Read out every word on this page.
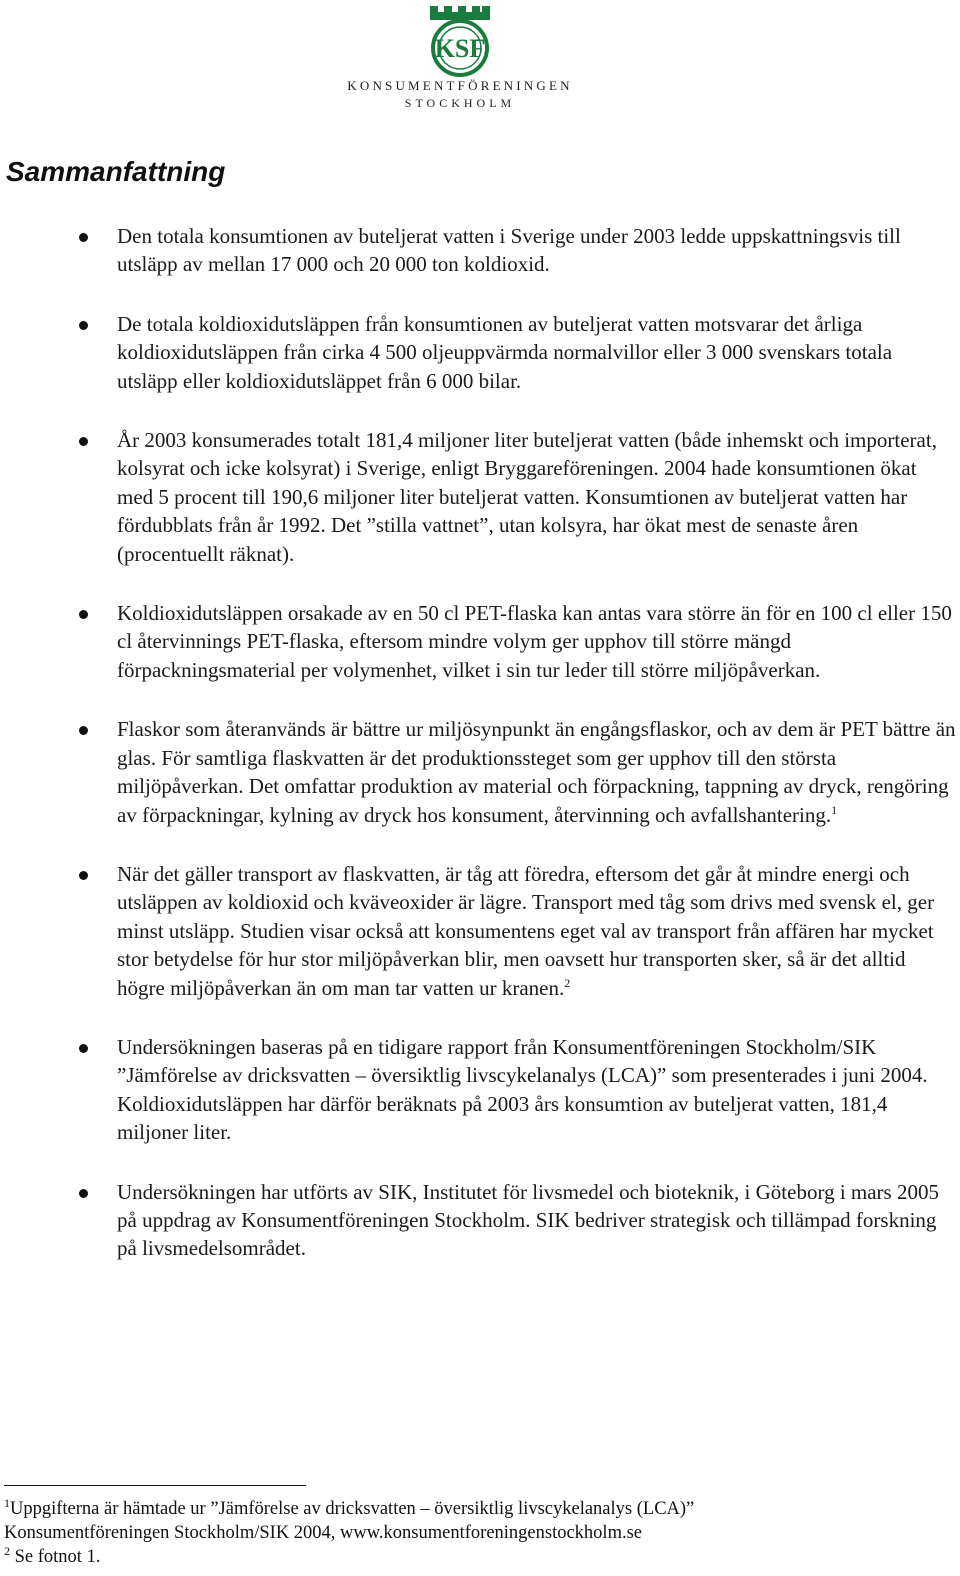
KSF
KONSUMENTFÖRENINGEN
STOCKHOLM
Sammanfattning
Den totala konsumtionen av buteljerat vatten i Sverige under 2003 ledde uppskattningsvis till utsläpp av mellan 17 000 och 20 000 ton koldioxid.
De totala koldioxidutsläppen från konsumtionen av buteljerat vatten motsvarar det årliga koldioxidutsläppen från cirka 4 500 oljeuppvärmda normalvillor eller 3 000 svenskars totala utsläpp eller koldioxidutsläppet från 6 000 bilar.
År 2003 konsumerades totalt 181,4 miljoner liter buteljerat vatten (både inhemskt och importerat, kolsyrat och icke kolsyrat) i Sverige, enligt Bryggareföreningen. 2004 hade konsumtionen ökat med 5 procent till 190,6 miljoner liter buteljerat vatten. Konsumtionen av buteljerat vatten har fördubblats från år 1992. Det ”stilla vattnet”, utan kolsyra, har ökat mest de senaste åren (procentuellt räknat).
Koldioxidutsläppen orsakade av en 50 cl PET-flaska kan antas vara större än för en 100 cl eller 150 cl återvinnings PET-flaska, eftersom mindre volym ger upphov till större mängd förpackningsmaterial per volymenhet, vilket i sin tur leder till större miljöpåverkan.
Flaskor som återanvänds är bättre ur miljösynpunkt än engångsflaskor, och av dem är PET bättre än glas. För samtliga flaskvatten är det produktionssteget som ger upphov till den största miljöpåverkan. Det omfattar produktion av material och förpackning, tappning av dryck, rengöring av förpackningar, kylning av dryck hos konsument, återvinning och avfallshantering.$^1$
När det gäller transport av flaskvatten, är tåg att föredra, eftersom det går åt mindre energi och utsläppen av koldioxid och kväveoxider är lägre. Transport med tåg som drivs med svensk el, ger minst utsläpp. Studien visar också att konsumentens eget val av transport från affären har mycket stor betydelse för hur stor miljöpåverkan blir, men oavsett hur transporten sker, så är det alltid högre miljöpåverkan än om man tar vatten ur kranen.$^2$
Undersökningen baseras på en tidigare rapport från Konsumentföreningen Stockholm/SIK ”Jämförelse av dricksvatten – översiktlig livscykelanalys (LCA)” som presenterades i juni 2004. Koldioxidutsläppen har därför beräknats på 2003 års konsumtion av buteljerat vatten, 181,4 miljoner liter.
Undersökningen har utförts av SIK, Institutet för livsmedel och bioteknik, i Göteborg i mars 2005 på uppdrag av Konsumentföreningen Stockholm. SIK bedriver strategisk och tillämpad forskning på livsmedelsområdet.

$^1$Uppgifterna är hämtade ur ”Jämförelse av dricksvatten – översiktlig livscykelanalys (LCA)”

Konsumentföreningen Stockholm/SIK 2004, www.konsumentforeningenstockholm.se

$^2$ Se fotnot 1.
